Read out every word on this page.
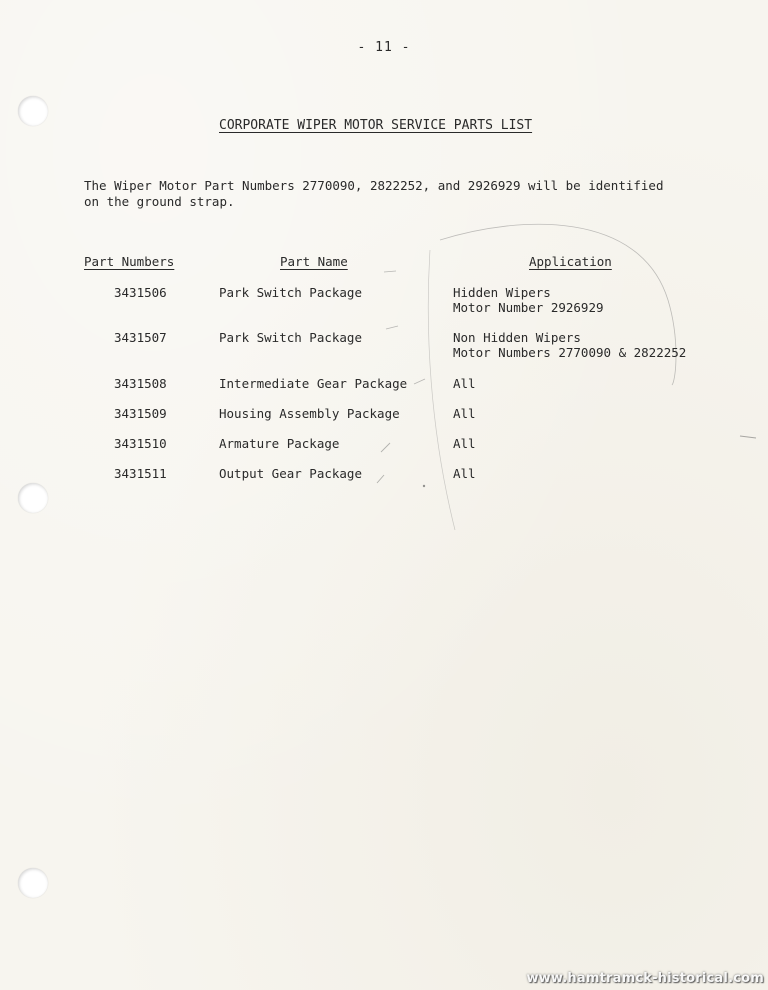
- 11 -
CORPORATE WIPER MOTOR SERVICE PARTS LIST

The Wiper Motor Part Numbers 2770090, 2822252, and 2926929 will be identified

on the ground strap.

Part Numbers	Part Name	Application
3431506	Park Switch Package	Hidden Wipers
Motor Number 2926929
3431507	Park Switch Package	Non Hidden Wipers
Motor Numbers 2770090 & 2822252
3431508	Intermediate Gear Package	All
3431509	Housing Assembly Package	All
3431510	Armature Package	All
3431511	Output Gear Package	All
www.hamtramck-historical.com
